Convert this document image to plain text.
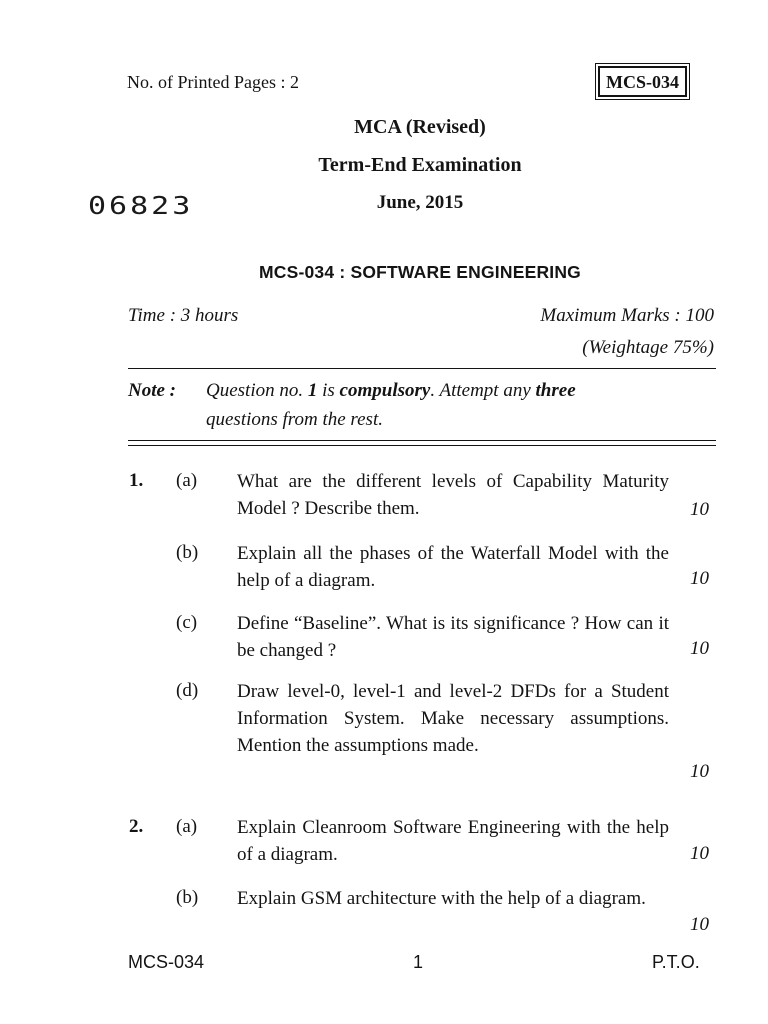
No. of Printed Pages : 2	MCS-034
MCA (Revised)
Term-End Examination
June, 2015
06823
MCS-034 : SOFTWARE ENGINEERING
Time : 3 hours	Maximum Marks : 100
(Weightage 75%)
Note : Question no. 1 is compulsory. Attempt any three
questions from the rest.
1. (a) What are the different levels of Capability Maturity Model ? Describe them.	10
(b) Explain all the phases of the Waterfall Model with the help of a diagram.	10
(c) Define “Baseline”. What is its significance ? How can it be changed ?	10
(d) Draw level-0, level-1 and level-2 DFDs for a Student Information System. Make necessary assumptions. Mention the assumptions made.
10
2. (a) Explain Cleanroom Software Engineering with the help of a diagram.	10
(b) Explain GSM architecture with the help of a diagram.
10
MCS-034	1	P.T.O.
